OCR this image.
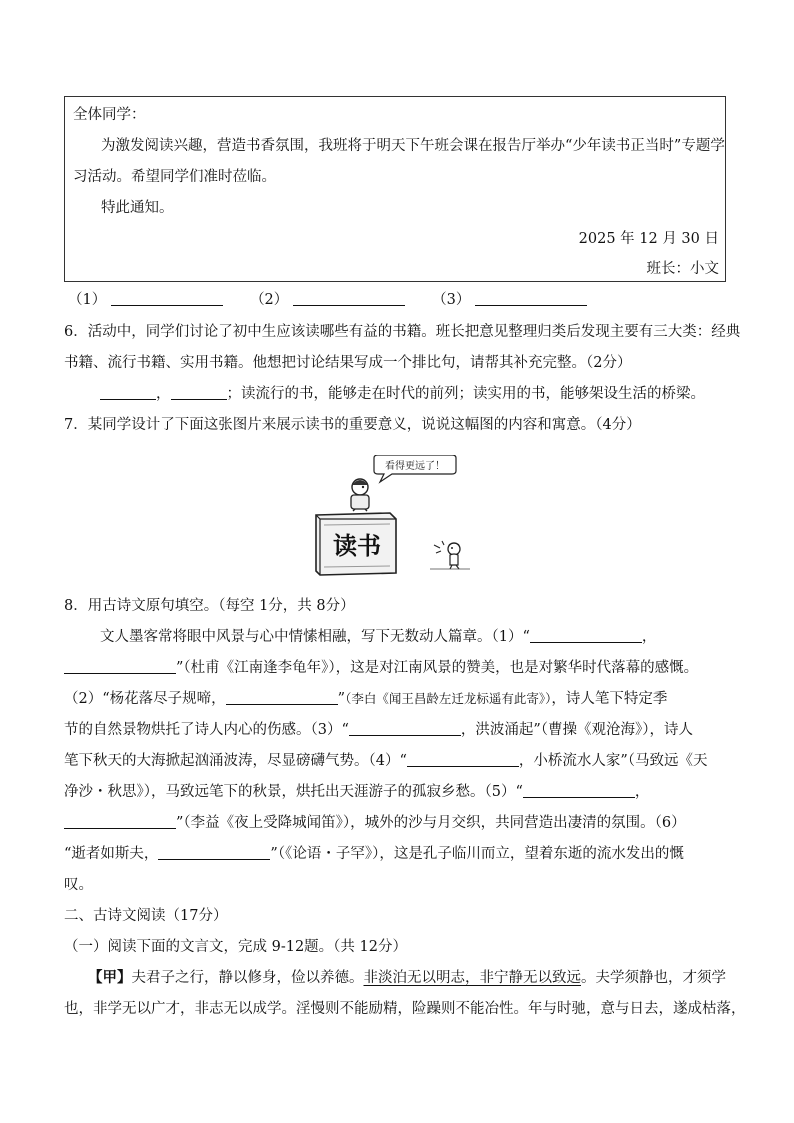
全体同学：
为激发阅读兴趣，营造书香氛围，我班将于明天下午班会课在报告厅举办“少年读书正当时”专题学
习活动。希望同学们准时莅临。
特此通知。
2025 年 12 月 30 日
班长：小文
（1）	（2）	（3）
6．活动中，同学们讨论了初中生应该读哪些有益的书籍。班长把意见整理归类后发现主要有三大类：经典
书籍、流行书籍、实用书籍。他想把讨论结果写成一个排比句，请帮其补充完整。（2分）
，	；读流行的书，能够走在时代的前列；读实用的书，能够架设生活的桥梁。
7．某同学设计了下面这张图片来展示读书的重要意义，说说这幅图的内容和寓意。（4分）
看得更远了！
读书
8．用古诗文原句填空。（每空 1分，共 8分）
文人墨客常将眼中风景与心中情愫相融，写下无数动人篇章。（1）“	，
”（杜甫《江南逢李龟年》），这是对江南风景的赞美，也是对繁华时代落幕的感慨。
（2）“杨花落尽子规啼，	”（李白《闻王昌龄左迁龙标遥有此寄》），诗人笔下特定季
节的自然景物烘托了诗人内心的伤感。（3）“	，洪波涌起”（曹操《观沧海》），诗人
笔下秋天的大海掀起汹涌波涛，尽显磅礴气势。（4）“	，小桥流水人家”（马致远《天
净沙・秋思》），马致远笔下的秋景，烘托出天涯游子的孤寂乡愁。（5）“	，
”（李益《夜上受降城闻笛》），城外的沙与月交织，共同营造出凄清的氛围。（6）
“逝者如斯夫，	”（《论语・子罕》），这是孔子临川而立，望着东逝的流水发出的慨
叹。
二、古诗文阅读（17分）
（一）阅读下面的文言文，完成 9-12题。（共 12分）
【甲】夫君子之行，静以修身，俭以养德。非淡泊无以明志，非宁静无以致远。夫学须静也，才须学
也，非学无以广才，非志无以成学。淫慢则不能励精，险躁则不能冶性。年与时驰，意与日去，遂成枯落，
